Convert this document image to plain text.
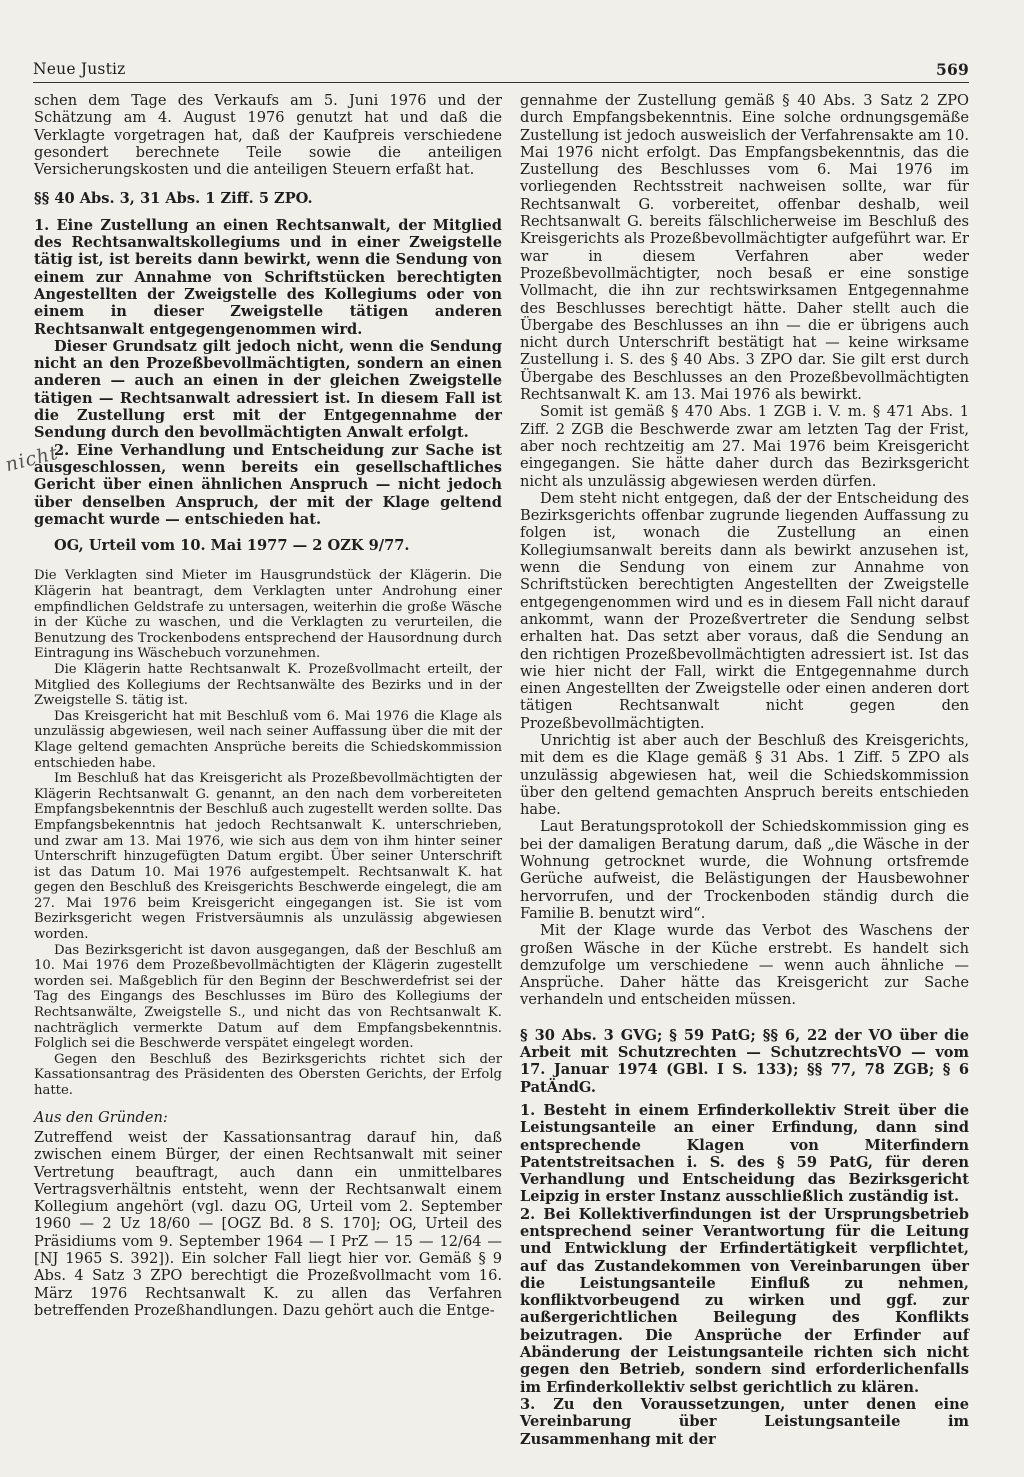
Neue Justiz	569
nicht

schen dem Tage des Verkaufs am 5. Juni 1976 und der Schätzung am 4. August 1976 genutzt hat und daß die Verklagte vorgetragen hat, daß der Kaufpreis verschiedene gesondert berechnete Teile sowie die anteiligen Versicherungskosten und die anteiligen Steuern erfaßt hat.

§§ 40 Abs. 3, 31 Abs. 1 Ziff. 5 ZPO.

1. Eine Zustellung an einen Rechtsanwalt, der Mitglied des Rechtsanwaltskollegiums und in einer Zweigstelle tätig ist, ist bereits dann bewirkt, wenn die Sendung von einem zur Annahme von Schriftstücken berechtigten Angestellten der Zweigstelle des Kollegiums oder von einem in dieser Zweigstelle tätigen anderen Rechtsanwalt entgegengenommen wird.

Dieser Grundsatz gilt jedoch nicht, wenn die Sendung nicht an den Prozeßbevollmächtigten, sondern an einen anderen — auch an einen in der gleichen Zweigstelle tätigen — Rechtsanwalt adressiert ist. In diesem Fall ist die Zustellung erst mit der Entgegennahme der Sendung durch den bevollmächtigten Anwalt erfolgt.

2. Eine Verhandlung und Entscheidung zur Sache ist ausgeschlossen, wenn bereits ein gesellschaftliches Gericht über einen ähnlichen Anspruch — nicht jedoch über denselben Anspruch, der mit der Klage geltend gemacht wurde — entschieden hat.

OG, Urteil vom 10. Mai 1977 — 2 OZK 9/77.

Die Verklagten sind Mieter im Hausgrundstück der Klägerin. Die Klägerin hat beantragt, dem Verklagten unter Androhung einer empfindlichen Geldstrafe zu untersagen, weiterhin die große Wäsche in der Küche zu waschen, und die Verklagten zu verurteilen, die Benutzung des Trockenbodens entsprechend der Hausordnung durch Eintragung ins Wäschebuch vorzunehmen.

Die Klägerin hatte Rechtsanwalt K. Prozeßvollmacht erteilt, der Mitglied des Kollegiums der Rechtsanwälte des Bezirks und in der Zweigstelle S. tätig ist.

Das Kreisgericht hat mit Beschluß vom 6. Mai 1976 die Klage als unzulässig abgewiesen, weil nach seiner Auffassung über die mit der Klage geltend gemachten Ansprüche bereits die Schiedskommission entschieden habe.

Im Beschluß hat das Kreisgericht als Prozeßbevollmächtigten der Klägerin Rechtsanwalt G. genannt, an den nach dem vorbereiteten Empfangsbekenntnis der Beschluß auch zugestellt werden sollte. Das Empfangsbekenntnis hat jedoch Rechtsanwalt K. unterschrieben, und zwar am 13. Mai 1976, wie sich aus dem von ihm hinter seiner Unterschrift hinzugefügten Datum ergibt. Über seiner Unterschrift ist das Datum 10. Mai 1976 aufgestempelt. Rechtsanwalt K. hat gegen den Beschluß des Kreisgerichts Beschwerde eingelegt, die am 27. Mai 1976 beim Kreisgericht eingegangen ist. Sie ist vom Bezirksgericht wegen Fristversäumnis als unzulässig abgewiesen worden.

Das Bezirksgericht ist davon ausgegangen, daß der Beschluß am 10. Mai 1976 dem Prozeßbevollmächtigten der Klägerin zugestellt worden sei. Maßgeblich für den Beginn der Beschwerdefrist sei der Tag des Eingangs des Beschlusses im Büro des Kollegiums der Rechtsanwälte, Zweigstelle S., und nicht das von Rechtsanwalt K. nachträglich vermerkte Datum auf dem Empfangsbekenntnis. Folglich sei die Beschwerde verspätet eingelegt worden.

Gegen den Beschluß des Bezirksgerichts richtet sich der Kassationsantrag des Präsidenten des Obersten Gerichts, der Erfolg hatte.

Aus den Gründen:

Zutreffend weist der Kassationsantrag darauf hin, daß zwischen einem Bürger, der einen Rechtsanwalt mit seiner Vertretung beauftragt, auch dann ein unmittelbares Vertragsverhältnis entsteht, wenn der Rechtsanwalt einem Kollegium angehört (vgl. dazu OG, Urteil vom 2. September 1960 — 2 Uz 18/60 — [OGZ Bd. 8 S. 170]; OG, Urteil des Präsidiums vom 9. September 1964 — I PrZ — 15 — 12/64 — [NJ 1965 S. 392]). Ein solcher Fall liegt hier vor. Gemäß § 9 Abs. 4 Satz 3 ZPO berechtigt die Prozeßvollmacht vom 16. März 1976 Rechtsanwalt K. zu allen das Verfahren betreffenden Prozeßhandlungen. Dazu gehört auch die Entge-

gennahme der Zustellung gemäß § 40 Abs. 3 Satz 2 ZPO durch Empfangsbekenntnis. Eine solche ordnungsgemäße Zustellung ist jedoch ausweislich der Verfahrensakte am 10. Mai 1976 nicht erfolgt. Das Empfangsbekenntnis, das die Zustellung des Beschlusses vom 6. Mai 1976 im vorliegenden Rechtsstreit nachweisen sollte, war für Rechtsanwalt G. vorbereitet, offenbar deshalb, weil Rechtsanwalt G. bereits fälschlicherweise im Beschluß des Kreisgerichts als Prozeßbevollmächtigter aufgeführt war. Er war in diesem Verfahren aber weder Prozeßbevollmächtigter, noch besaß er eine sonstige Vollmacht, die ihn zur rechtswirksamen Entgegennahme des Beschlusses berechtigt hätte. Daher stellt auch die Übergabe des Beschlusses an ihn — die er übrigens auch nicht durch Unterschrift bestätigt hat — keine wirksame Zustellung i. S. des § 40 Abs. 3 ZPO dar. Sie gilt erst durch Übergabe des Beschlusses an den Prozeßbevollmächtigten Rechtsanwalt K. am 13. Mai 1976 als bewirkt.

Somit ist gemäß § 470 Abs. 1 ZGB i. V. m. § 471 Abs. 1 Ziff. 2 ZGB die Beschwerde zwar am letzten Tag der Frist, aber noch rechtzeitig am 27. Mai 1976 beim Kreisgericht eingegangen. Sie hätte daher durch das Bezirksgericht nicht als unzulässig abgewiesen werden dürfen.

Dem steht nicht entgegen, daß der der Entscheidung des Bezirksgerichts offenbar zugrunde liegenden Auffassung zu folgen ist, wonach die Zustellung an einen Kollegiumsanwalt bereits dann als bewirkt anzusehen ist, wenn die Sendung von einem zur Annahme von Schriftstücken berechtigten Angestellten der Zweigstelle entgegengenommen wird und es in diesem Fall nicht darauf ankommt, wann der Prozeßvertreter die Sendung selbst erhalten hat. Das setzt aber voraus, daß die Sendung an den richtigen Prozeßbevollmächtigten adressiert ist. Ist das wie hier nicht der Fall, wirkt die Entgegennahme durch einen Angestellten der Zweigstelle oder einen anderen dort tätigen Rechtsanwalt nicht gegen den Prozeßbevollmächtigten.

Unrichtig ist aber auch der Beschluß des Kreisgerichts, mit dem es die Klage gemäß § 31 Abs. 1 Ziff. 5 ZPO als unzulässig abgewiesen hat, weil die Schiedskommission über den geltend gemachten Anspruch bereits entschieden habe.

Laut Beratungsprotokoll der Schiedskommission ging es bei der damaligen Beratung darum, daß „die Wäsche in der Wohnung getrocknet wurde, die Wohnung ortsfremde Gerüche aufweist, die Belästigungen der Hausbewohner hervorrufen, und der Trockenboden ständig durch die Familie B. benutzt wird“.

Mit der Klage wurde das Verbot des Waschens der großen Wäsche in der Küche erstrebt. Es handelt sich demzufolge um verschiedene — wenn auch ähnliche — Ansprüche. Daher hätte das Kreisgericht zur Sache verhandeln und entscheiden müssen.

§ 30 Abs. 3 GVG; § 59 PatG; §§ 6, 22 der VO über die Arbeit mit Schutzrechten — SchutzrechtsVO — vom 17. Januar 1974 (GBl. I S. 133); §§ 77, 78 ZGB; § 6 PatÄndG.

1. Besteht in einem Erfinderkollektiv Streit über die Leistungsanteile an einer Erfindung, dann sind entsprechende Klagen von Miterfindern Patentstreitsachen i. S. des § 59 PatG, für deren Verhandlung und Entscheidung das Bezirksgericht Leipzig in erster Instanz ausschließlich zuständig ist.

2. Bei Kollektiverfindungen ist der Ursprungsbetrieb entsprechend seiner Verantwortung für die Leitung und Entwicklung der Erfindertätigkeit verpflichtet, auf das Zustandekommen von Vereinbarungen über die Leistungsanteile Einfluß zu nehmen, konfliktvorbeugend zu wirken und ggf. zur außergerichtlichen Beilegung des Konflikts beizutragen. Die Ansprüche der Erfinder auf Abänderung der Leistungsanteile richten sich nicht gegen den Betrieb, sondern sind erforderlichenfalls im Erfinderkollektiv selbst gerichtlich zu klären.

3. Zu den Voraussetzungen, unter denen eine Vereinbarung über Leistungsanteile im Zusammenhang mit der
